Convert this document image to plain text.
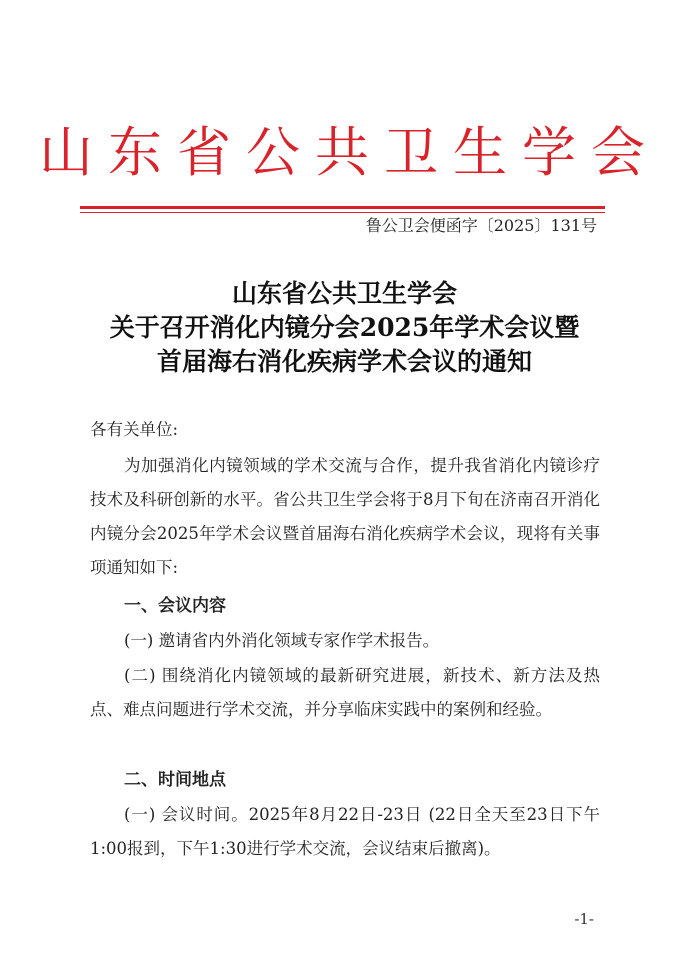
山东省公共卫生学会
鲁公卫会便函字〔2025〕131号
山东省公共卫生学会
关于召开消化内镜分会2025年学术会议暨
首届海右消化疾病学术会议的通知

各有关单位:

为加强消化内镜领域的学术交流与合作，提升我省消化内镜诊疗技术及科研创新的水平。省公共卫生学会将于8月下旬在济南召开消化内镜分会2025年学术会议暨首届海右消化疾病学术会议，现将有关事项通知如下:

一、会议内容

(一) 邀请省内外消化领域专家作学术报告。

(二) 围绕消化内镜领域的最新研究进展，新技术、新方法及热点、难点问题进行学术交流，并分享临床实践中的案例和经验。

二、时间地点

(一) 会议时间。2025年8月22日-23日 (22日全天至23日下午1:00报到，下午1:30进行学术交流，会议结束后撤离)。

-1-
